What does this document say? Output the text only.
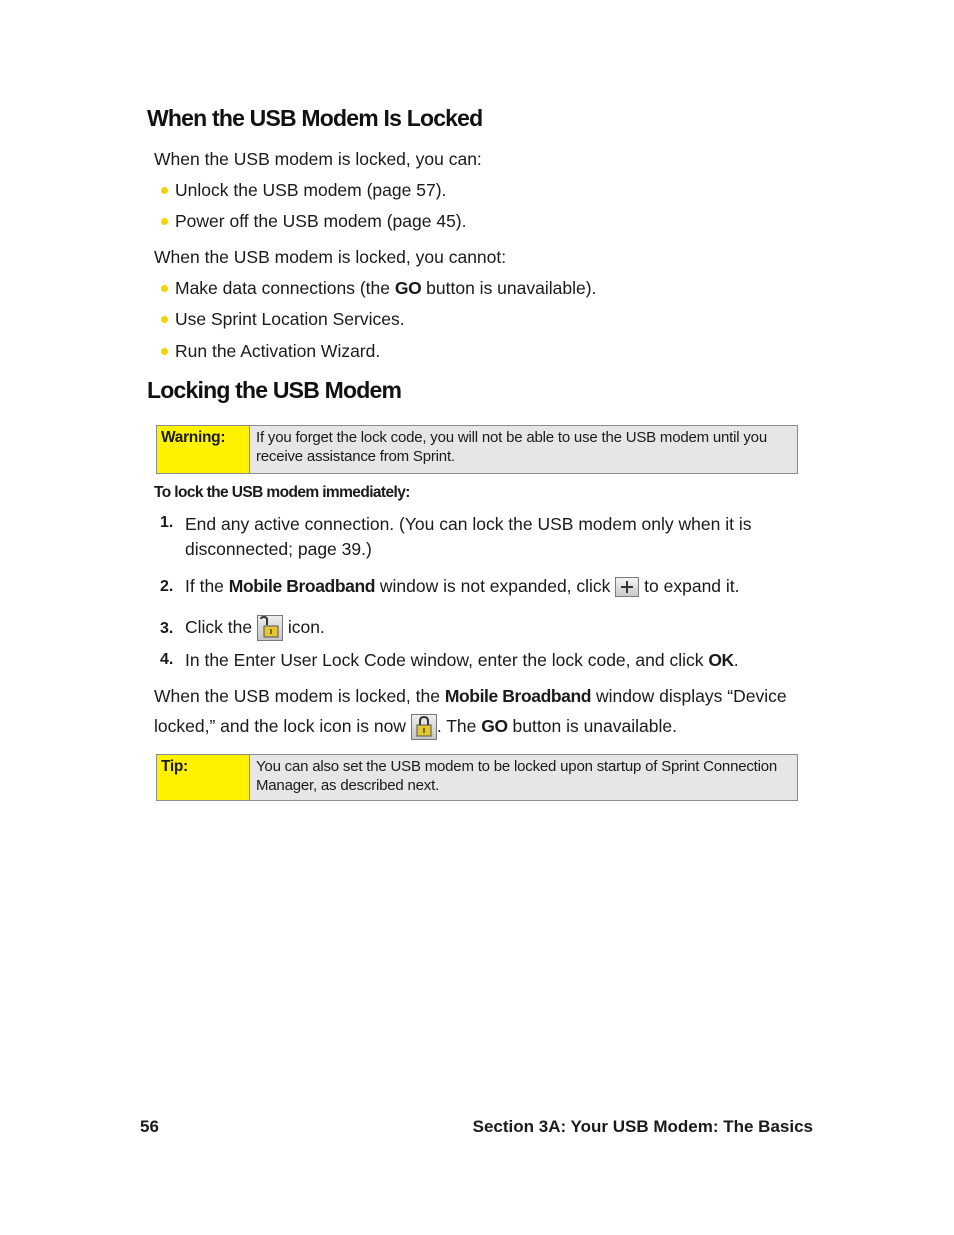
When the USB Modem Is Locked
When the USB modem is locked, you can:
Unlock the USB modem (page 57).
Power off the USB modem (page 45).
When the USB modem is locked, you cannot:
Make data connections (the GO button is unavailable).
Use Sprint Location Services.
Run the Activation Wizard.
Locking the USB Modem
Warning:	If you forget the lock code, you will not be able to use the USB modem until you receive assistance from Sprint.
To lock the USB modem immediately:
1. End any active connection. (You can lock the USB modem only when it is disconnected; page 39.)
2. If the Mobile Broadband window is not expanded, click  to expand it.
3. Click the  icon.
4. In the Enter User Lock Code window, enter the lock code, and click OK.
When the USB modem is locked, the Mobile Broadband window displays “Device
locked,” and the lock icon is now . The GO button is unavailable.
Tip:	You can also set the USB modem to be locked upon startup of Sprint Connection Manager, as described next.
56	Section 3A: Your USB Modem: The Basics
